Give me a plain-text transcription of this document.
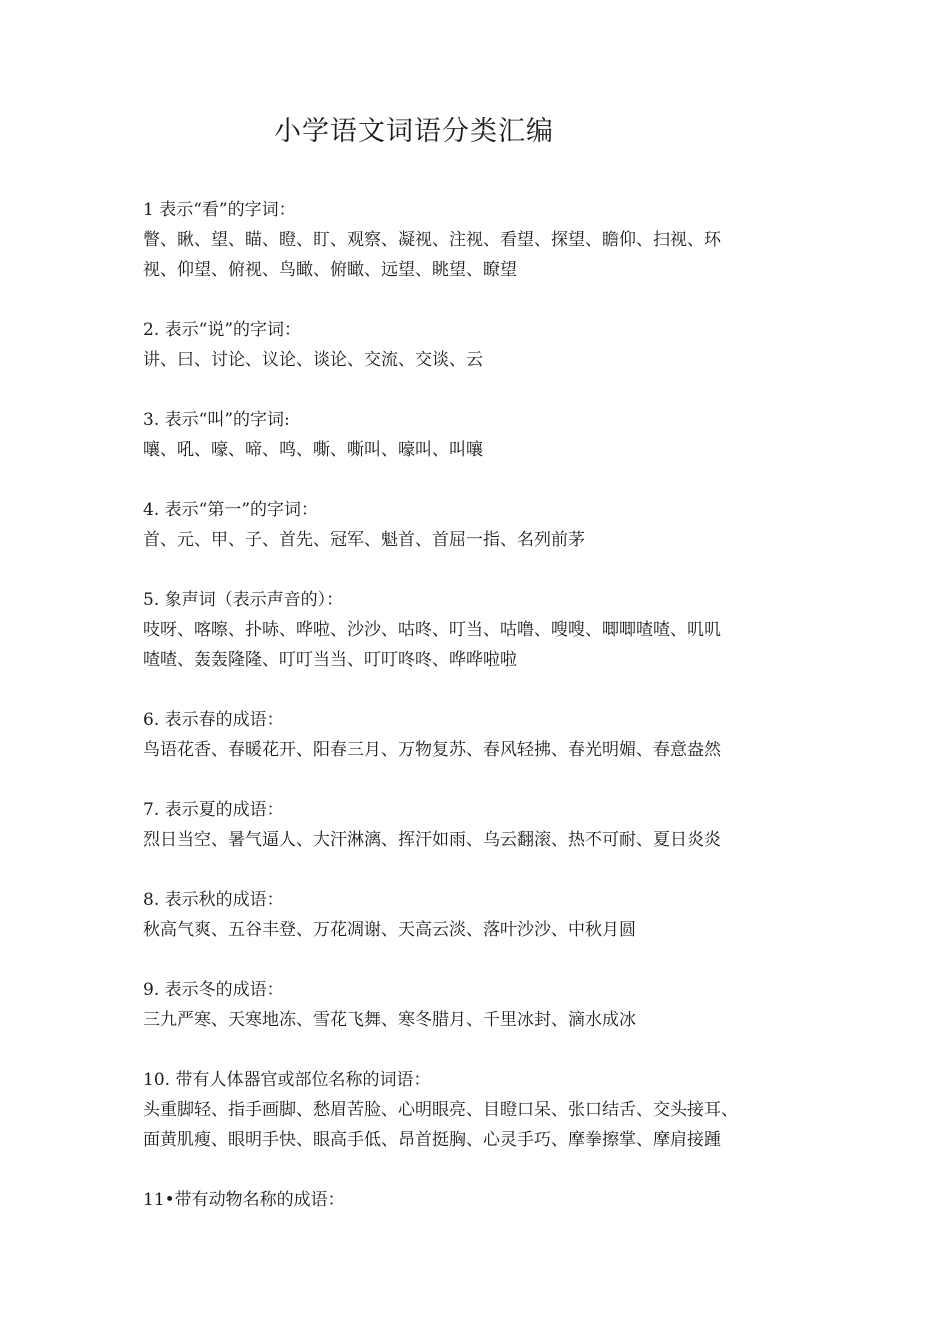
小学语文词语分类汇编
1 表示“看”的字词：
瞥、瞅、望、瞄、瞪、盯、观察、凝视、注视、看望、探望、瞻仰、扫视、环
视、仰望、俯视、鸟瞰、俯瞰、远望、眺望、瞭望
2. 表示“说”的字词：
讲、曰、讨论、议论、谈论、交流、交谈、云
3. 表示“叫”的字词:
嚷、吼、嚎、啼、鸣、嘶、嘶叫、嚎叫、叫嚷
4. 表示“第一”的字词：
首、元、甲、子、首先、冠军、魁首、首屈一指、名列前茅
5. 象声词（表示声音的）：
吱呀、喀嚓、扑哧、哗啦、沙沙、咕咚、叮当、咕噜、嗖嗖、唧唧喳喳、叽叽
喳喳、轰轰隆隆、叮叮当当、叮叮咚咚、哗哗啦啦
6. 表示春的成语：
鸟语花香、春暖花开、阳春三月、万物复苏、春风轻拂、春光明媚、春意盎然
7. 表示夏的成语：
烈日当空、暑气逼人、大汗淋漓、挥汗如雨、乌云翻滚、热不可耐、夏日炎炎
8. 表示秋的成语：
秋高气爽、五谷丰登、万花凋谢、天高云淡、落叶沙沙、中秋月圆
9. 表示冬的成语：
三九严寒、天寒地冻、雪花飞舞、寒冬腊月、千里冰封、滴水成冰
10. 带有人体器官或部位名称的词语：
头重脚轻、指手画脚、愁眉苦脸、心明眼亮、目瞪口呆、张口结舌、交头接耳、
面黄肌瘦、眼明手快、眼高手低、昂首挺胸、心灵手巧、摩拳擦掌、摩肩接踵
11•带有动物名称的成语：
